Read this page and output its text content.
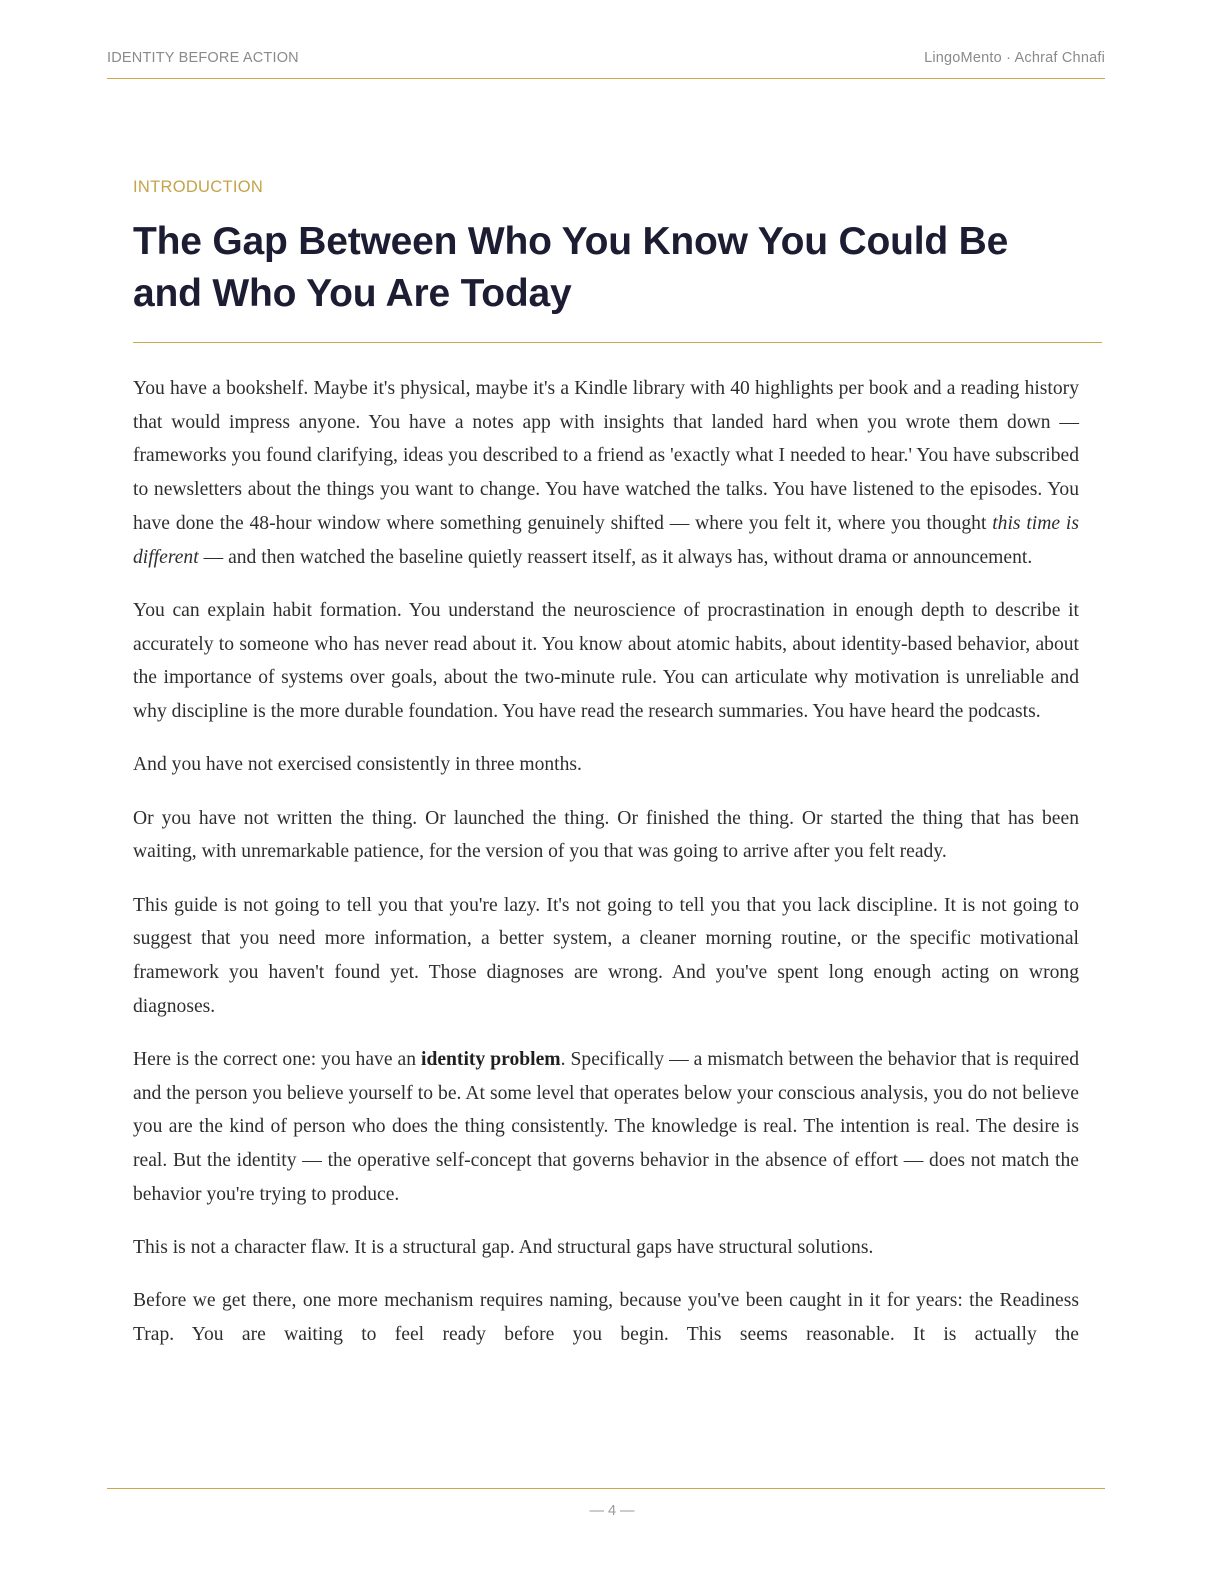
IDENTITY BEFORE ACTION	LingoMento · Achraf Chnafi

INTRODUCTION

The Gap Between Who You Know You Could Be and Who You Are Today

You have a bookshelf. Maybe it's physical, maybe it's a Kindle library with 40 highlights per book and a reading history that would impress anyone. You have a notes app with insights that landed hard when you wrote them down — frameworks you found clarifying, ideas you described to a friend as 'exactly what I needed to hear.' You have subscribed to newsletters about the things you want to change. You have watched the talks. You have listened to the episodes. You have done the 48-hour window where something genuinely shifted — where you felt it, where you thought this time is different — and then watched the baseline quietly reassert itself, as it always has, without drama or announcement.

You can explain habit formation. You understand the neuroscience of procrastination in enough depth to describe it accurately to someone who has never read about it. You know about atomic habits, about identity-based behavior, about the importance of systems over goals, about the two-minute rule. You can articulate why motivation is unreliable and why discipline is the more durable foundation. You have read the research summaries. You have heard the podcasts.

And you have not exercised consistently in three months.

Or you have not written the thing. Or launched the thing. Or finished the thing. Or started the thing that has been waiting, with unremarkable patience, for the version of you that was going to arrive after you felt ready.

This guide is not going to tell you that you're lazy. It's not going to tell you that you lack discipline. It is not going to suggest that you need more information, a better system, a cleaner morning routine, or the specific motivational framework you haven't found yet. Those diagnoses are wrong. And you've spent long enough acting on wrong diagnoses.

Here is the correct one: you have an identity problem. Specifically — a mismatch between the behavior that is required and the person you believe yourself to be. At some level that operates below your conscious analysis, you do not believe you are the kind of person who does the thing consistently. The knowledge is real. The intention is real. The desire is real. But the identity — the operative self-concept that governs behavior in the absence of effort — does not match the behavior you're trying to produce.

This is not a character flaw. It is a structural gap. And structural gaps have structural solutions.

Before we get there, one more mechanism requires naming, because you've been caught in it for years: the Readiness Trap. You are waiting to feel ready before you begin. This seems reasonable. It is actually the

— 4 —
